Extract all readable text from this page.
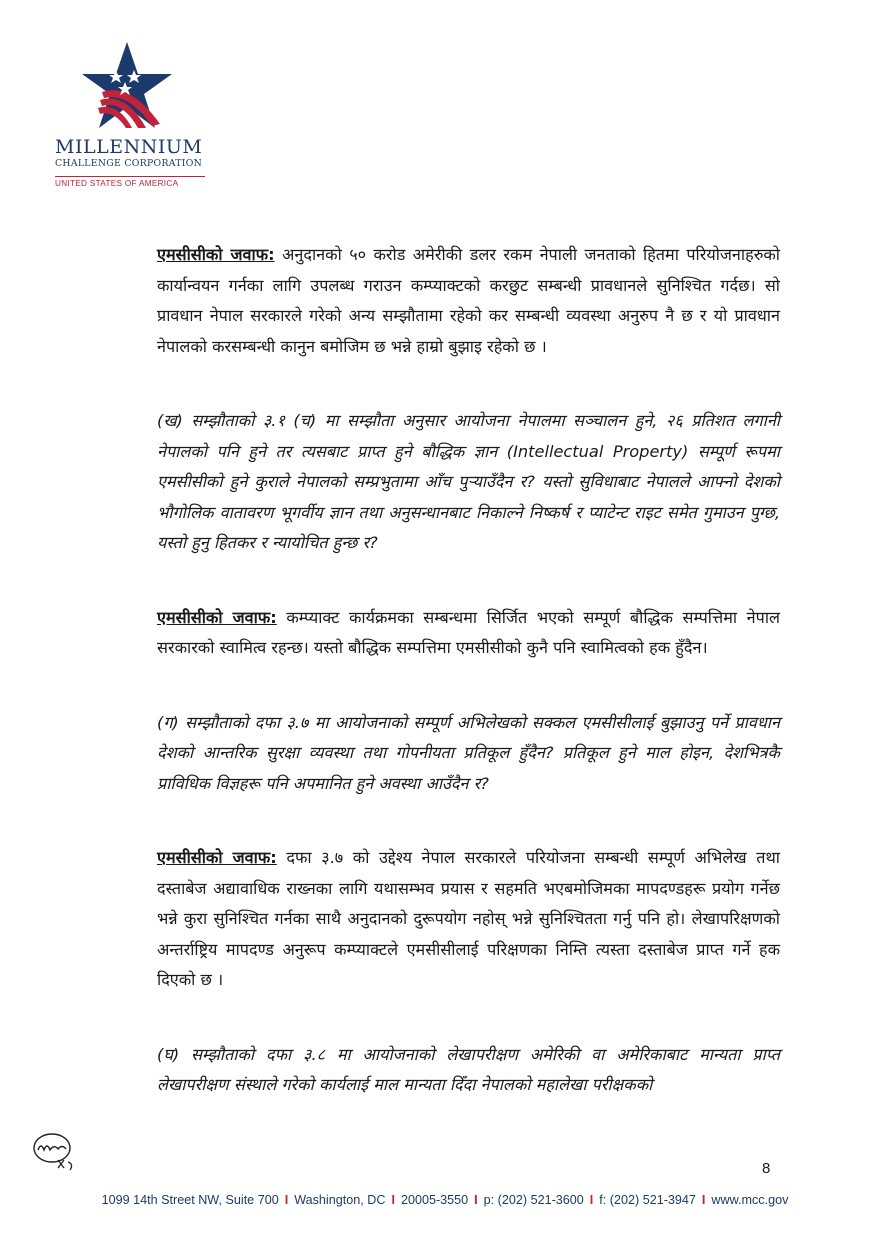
MILLENNIUM
CHALLENGE CORPORATION
UNITED STATES OF AMERICA

एमसीसीको जवाफ: अनुदानको ५० करोड अमेरीकी डलर रकम नेपाली जनताको हितमा परियोजनाहरुको कार्यान्वयन गर्नका लागि उपलब्ध गराउन कम्प्याक्टको करछुट सम्बन्धी प्रावधानले सुनिश्चित गर्दछ। सो प्रावधान नेपाल सरकारले गरेको अन्य सम्झौतामा रहेको कर सम्बन्धी व्यवस्था अनुरुप नै छ र यो प्रावधान नेपालको करसम्बन्धी कानुन बमोजिम छ भन्ने हाम्रो बुझाइ रहेको छ ।

(ख) सम्झौताको ३.१ (च) मा सम्झौता अनुसार आयोजना नेपालमा सञ्चालन हुने, २६ प्रतिशत लगानी नेपालको पनि हुने तर त्यसबाट प्राप्त हुने बौद्धिक ज्ञान (Intellectual Property) सम्पूर्ण रूपमा एमसीसीको हुने कुराले नेपालको सम्प्रभुतामा आँच पुऱ्याउँदैन र? यस्तो सुविधाबाट नेपालले आफ्नो देशको भौगोलिक वातावरण भूगर्वीय ज्ञान तथा अनुसन्धानबाट निकाल्ने निष्कर्ष र प्याटेन्ट राइट समेत गुमाउन पुग्छ, यस्तो हुनु हितकर र न्यायोचित हुन्छ र?

एमसीसीको जवाफ: कम्प्याक्ट कार्यक्रमका सम्बन्धमा सिर्जित भएको सम्पूर्ण बौद्धिक सम्पत्तिमा नेपाल सरकारको स्वामित्व रहन्छ। यस्तो बौद्धिक सम्पत्तिमा एमसीसीको कुनै पनि स्वामित्वको हक हुँदैन।

(ग) सम्झौताको दफा ३.७ मा आयोजनाको सम्पूर्ण अभिलेखको सक्कल एमसीसीलाई बुझाउनु पर्ने प्रावधान देशको आन्तरिक सुरक्षा व्यवस्था तथा गोपनीयता प्रतिकूल हुँदैन? प्रतिकूल हुने माल होइन, देशभित्रकै प्राविधिक विज्ञहरू पनि अपमानित हुने अवस्था आउँदैन र?

एमसीसीको जवाफ: दफा ३.७ को उद्देश्य नेपाल सरकारले परियोजना सम्बन्धी सम्पूर्ण अभिलेख तथा दस्ताबेज अद्यावाधिक राख्नका लागि यथासम्भव प्रयास र सहमति भएबमोजिमका मापदण्डहरू प्रयोग गर्नेछ भन्ने कुरा सुनिश्चित गर्नका साथै अनुदानको दुरूपयोग नहोस् भन्ने सुनिश्चितता गर्नु पनि हो। लेखापरिक्षणको अन्तर्राष्ट्रिय मापदण्ड अनुरूप कम्प्याक्टले एमसीसीलाई परिक्षणका निम्ति त्यस्ता दस्ताबेज प्राप्त गर्ने हक दिएको छ ।

(घ) सम्झौताको दफा ३.८ मा आयोजनाको लेखापरीक्षण अमेरिकी वा अमेरिकाबाट मान्यता प्राप्त लेखापरीक्षण संस्थाले गरेको कार्यलाई माल मान्यता दिँदा नेपालको महालेखा परीक्षकको

8
1099 14th Street NW, Suite 700 I Washington, DC I 20005-3550 I p: (202) 521-3600 I f: (202) 521-3947 I www.mcc.gov
